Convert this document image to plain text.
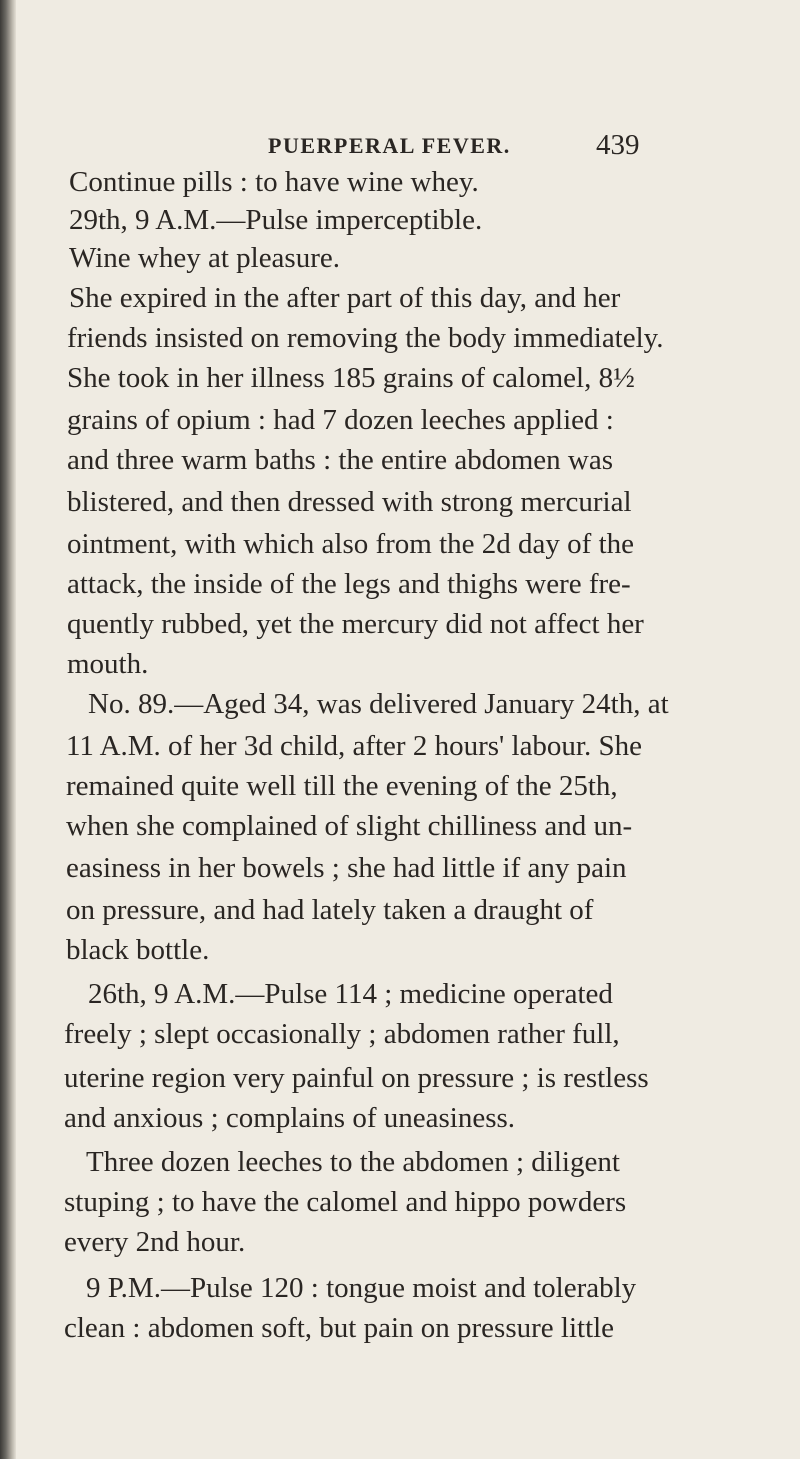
PUERPERAL FEVER.	439
Continue pills : to have wine whey.
29th, 9 A.M.—Pulse imperceptible.
Wine whey at pleasure.
She expired in the after part of this day, and her
friends insisted on removing the body immediately.
She took in her illness 185 grains of calomel, 8½
grains of opium : had 7 dozen leeches applied :
and three warm baths : the entire abdomen was
blistered, and then dressed with strong mercurial
ointment, with which also from the 2d day of the
attack, the inside of the legs and thighs were fre-
quently rubbed, yet the mercury did not affect her
mouth.
No. 89.—Aged 34, was delivered January 24th, at
11 A.M. of her 3d child, after 2 hours' labour. She
remained quite well till the evening of the 25th,
when she complained of slight chilliness and un-
easiness in her bowels ; she had little if any pain
on pressure, and had lately taken a draught of
black bottle.
26th, 9 A.M.—Pulse 114 ; medicine operated
freely ; slept occasionally ; abdomen rather full,
uterine region very painful on pressure ; is restless
and anxious ; complains of uneasiness.
Three dozen leeches to the abdomen ; diligent
stuping ; to have the calomel and hippo powders
every 2nd hour.
9 P.M.—Pulse 120 : tongue moist and tolerably
clean : abdomen soft, but pain on pressure little
